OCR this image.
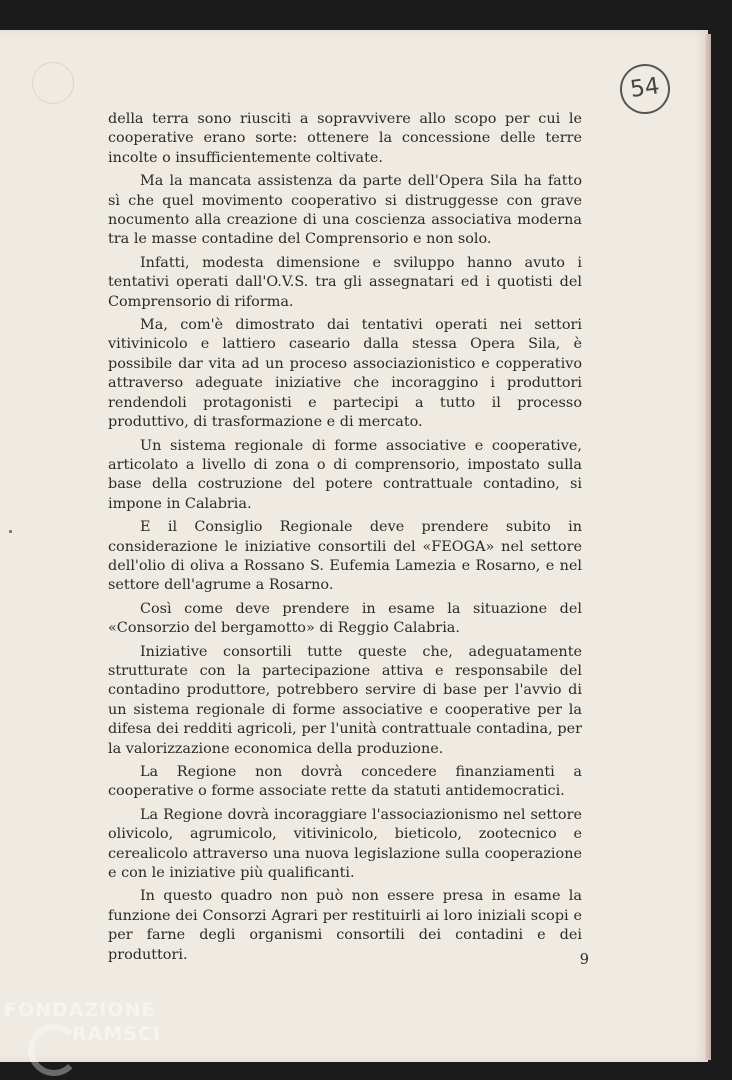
54

della terra sono riusciti a sopravvivere allo scopo per cui le cooperative erano sorte: ottenere la concessione delle terre incolte o insufficientemente coltivate.

Ma la mancata assistenza da parte dell'Opera Sila ha fatto sì che quel movimento cooperativo si distruggesse con grave nocumento alla creazione di una coscienza associativa moderna tra le masse contadine del Comprensorio e non solo.

Infatti, modesta dimensione e sviluppo hanno avuto i tentativi operati dall'O.V.S. tra gli assegnatari ed i quotisti del Comprensorio di riforma.

Ma, com'è dimostrato dai tentativi operati nei settori vitivinicolo e lattiero caseario dalla stessa Opera Sila, è possibile dar vita ad un proceso associazionistico e copperativo attraverso adeguate iniziative che incoraggino i produttori rendendoli protagonisti e partecipi a tutto il processo produttivo, di trasformazione e di mercato.

Un sistema regionale di forme associative e cooperative, articolato a livello di zona o di comprensorio, impostato sulla base della costruzione del potere contrattuale contadino, si impone in Calabria.

E il Consiglio Regionale deve prendere subito in considerazione le iniziative consortili del «FEOGA» nel settore dell'olio di oliva a Rossano S. Eufemia Lamezia e Rosarno, e nel settore dell'agrume a Rosarno.

Così come deve prendere in esame la situazione del «Consorzio del bergamotto» di Reggio Calabria.

Iniziative consortili tutte queste che, adeguatamente strutturate con la partecipazione attiva e responsabile del contadino produttore, potrebbero servire di base per l'avvio di un sistema regionale di forme associative e cooperative per la difesa dei redditi agricoli, per l'unità contrattuale contadina, per la valorizzazione economica della produzione.

La Regione non dovrà concedere finanziamenti a cooperative o forme associate rette da statuti antidemocratici.

La Regione dovrà incoraggiare l'associazionismo nel settore olivicolo, agrumicolo, vitivinicolo, bieticolo, zootecnico e cerealicolo attraverso una nuova legislazione sulla cooperazione e con le iniziative più qualificanti.

In questo quadro non può non essere presa in esame la funzione dei Consorzi Agrari per restituirli ai loro iniziali scopi e per farne degli organismi consortili dei contadini e dei produttori.	9
FONDAZIONE
RAMSCI
